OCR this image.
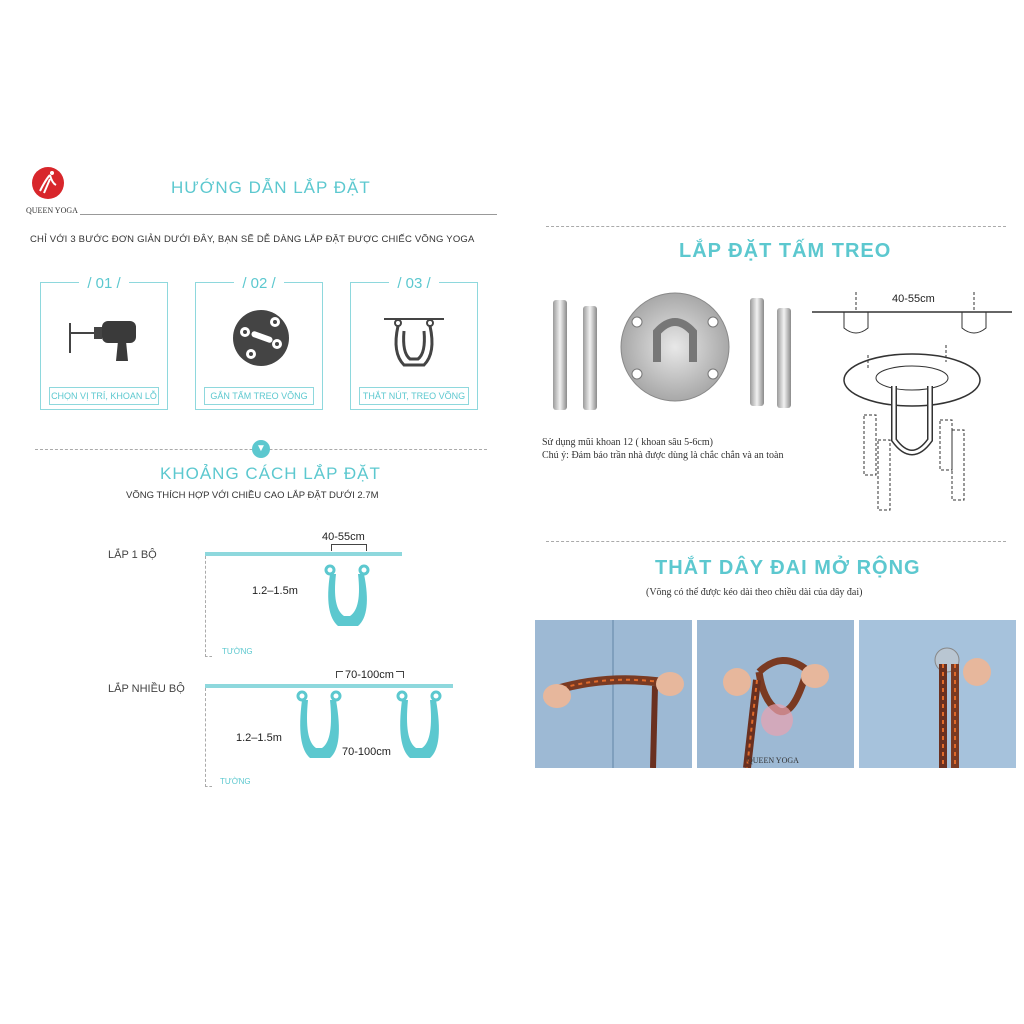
QUEEN YOGA
HƯỚNG DẪN LẮP ĐẶT
CHỈ VỚI 3 BƯỚC ĐƠN GIẢN DƯỚI ĐÂY, BẠN SẼ DỄ DÀNG LẮP ĐẶT ĐƯỢC CHIẾC VÕNG YOGA
/ 01 /
CHỌN VỊ TRÍ, KHOAN LỖ
/ 02 /
GẮN TẤM TREO VÕNG
/ 03 /
THẮT NÚT, TREO VÕNG
▼
KHOẢNG CÁCH LẮP ĐẶT
VÕNG THÍCH HỢP VỚI CHIỀU CAO LẮP ĐẶT DƯỚI 2.7M
LẮP 1 BỘ
40-55cm
1.2–1.5m
TƯỜNG
LẮP NHIỀU BỘ
70-100cm
1.2–1.5m
70-100cm
TƯỜNG
LẮP ĐẶT TẤM TREO
40-55cm
Sử dụng mũi khoan 12 ( khoan sâu 5-6cm)
Chú ý: Đảm bảo trần nhà được dùng là chắc chắn và an toàn
THẮT DÂY ĐAI MỞ RỘNG
(Võng có thể được kéo dài theo chiều dài của dây đai)
QUEEN YOGA
